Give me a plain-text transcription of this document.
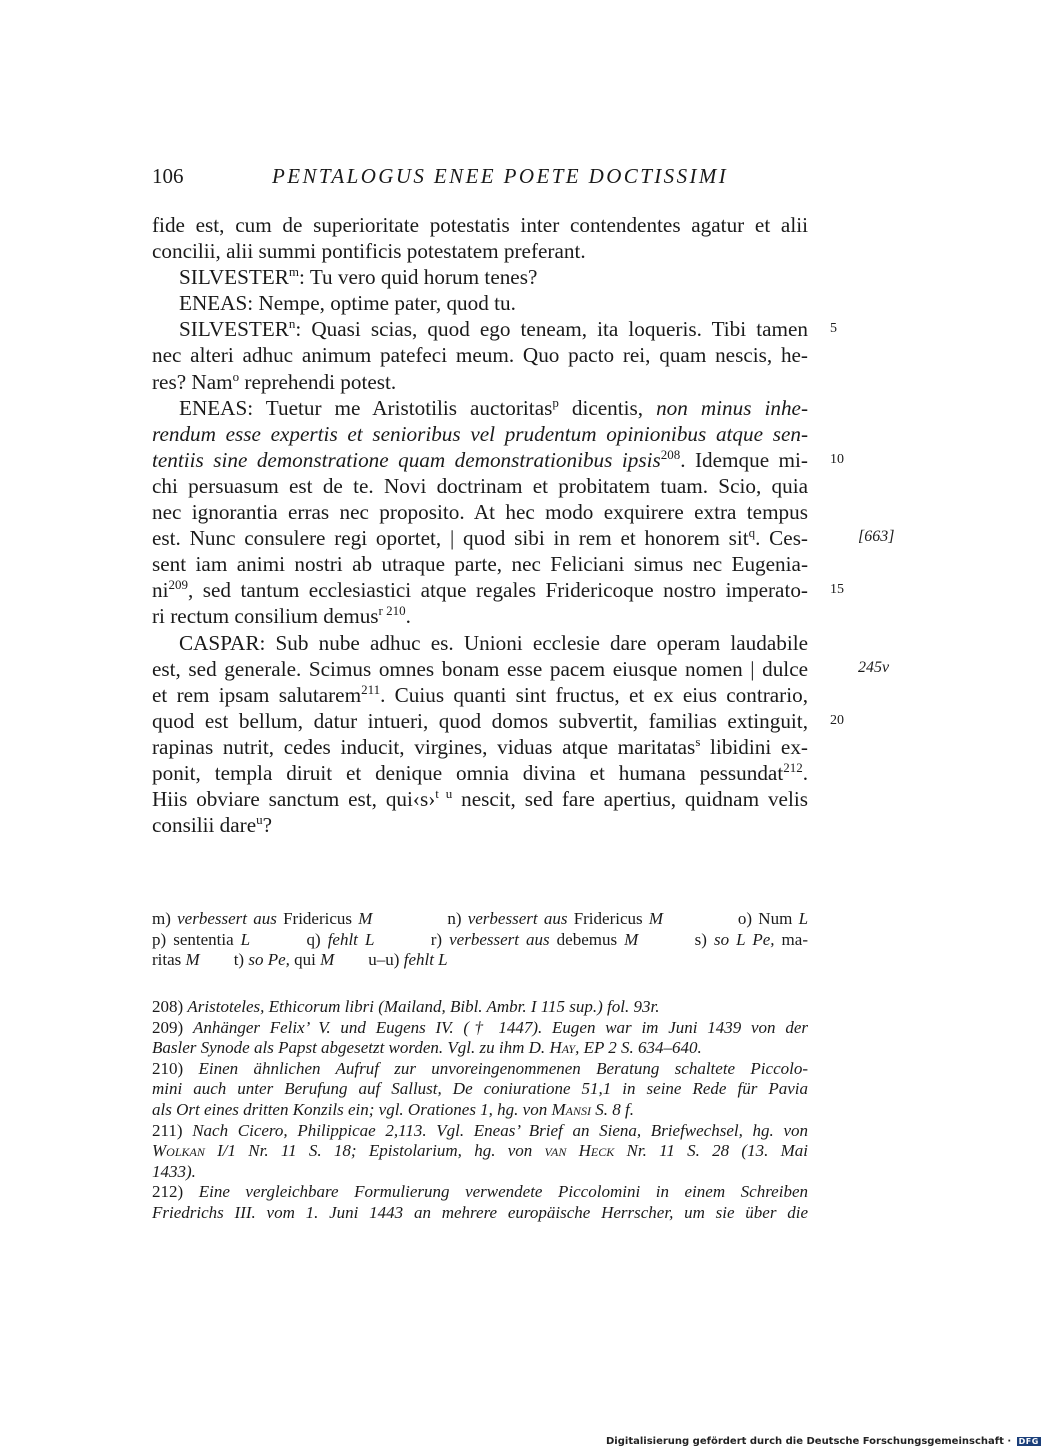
106	PENTALOGUS ENEE POETE DOCTISSIMI
fide est, cum de superioritate potestatis inter contendentes agatur et alii
concilii, alii summi pontificis potestatem preferant.
SILVESTER$^m$: Tu vero quid horum tenes?
ENEAS: Nempe, optime pater, quod tu.
SILVESTER$^n$: Quasi scias, quod ego teneam, ita loqueris. Tibi tamen
nec alteri adhuc animum patefeci meum. Quo pacto rei, quam nescis, he-
res? Nam$^o$ reprehendi potest.
ENEAS: Tuetur me Aristotilis auctoritas$^p$ dicentis, non minus inhe-
rendum esse expertis et senioribus vel prudentum opinionibus atque sen-
tentiis sine demonstratione quam demonstrationibus ipsis$^{208}$. Idemque mi-
chi persuasum est de te. Novi doctrinam et probitatem tuam. Scio, quia
nec ignorantia erras nec proposito. At hec modo exquirere extra tempus
est. Nunc consulere regi oportet, | quod sibi in rem et honorem sit$^q$. Ces-
sent iam animi nostri ab utraque parte, nec Feliciani simus nec Eugenia-
$ni^{209}$, sed tantum ecclesiastici atque regales Fridericoque nostro imperato-
ri rectum consilium demus$^{r 210}$.
CASPAR: Sub nube adhuc es. Unioni ecclesie dare operam laudabile
est, sed generale. Scimus omnes bonam esse pacem eiusque nomen | dulce
et rem ipsam salutarem$^{211}$. Cuius quanti sint fructus, et ex eius contrario,
quod est bellum, datur intueri, quod domos subvertit, familias extinguit,
rapinas nutrit, cedes inducit, virgines, viduas atque maritatas$^s$ libidini ex-
ponit, templa diruit et denique omnia divina et humana pessundat$^{212}$.
Hiis obviare sanctum est, qui‹s›$^{t u}$ nescit, sed fare apertius, quidnam velis
consilii dare$^u$?
5
10
15
20
[663]
245v
m) verbessert aus Fridericus M            n) verbessert aus Fridericus M            o) Num L
p) sententia L        q) fehlt L        r) verbessert aus debemus M        s) so L Pe, ma-
ritas M        t) so Pe, qui M        u–u) fehlt L
208) Aristoteles, Ethicorum libri (Mailand, Bibl. Ambr. I 115 sup.) fol. 93r.
209) Anhänger Felix’ V. und Eugens IV. († 1447). Eugen war im Juni 1439 von der
Basler Synode als Papst abgesetzt worden. Vgl. zu ihm D. Hay, EP 2 S. 634–640.
210) Einen ähnlichen Aufruf zur unvoreingenommenen Beratung schaltete Piccolo-
mini auch unter Berufung auf Sallust, De coniuratione 51,1 in seine Rede für Pavia
als Ort eines dritten Konzils ein; vgl. Orationes 1, hg. von Mansi S. 8 f.
211) Nach Cicero, Philippicae 2,113. Vgl. Eneas’ Brief an Siena, Briefwechsel, hg. von
Wolkan I/1 Nr. 11 S. 18; Epistolarium, hg. von van Heck Nr. 11 S. 28 (13. Mai
1433).
212) Eine vergleichbare Formulierung verwendete Piccolomini in einem Schreiben
Friedrichs III. vom 1. Juni 1443 an mehrere europäische Herrscher, um sie über die
Digitalisierung gefördert durch die Deutsche Forschungsgemeinschaft · DFG
